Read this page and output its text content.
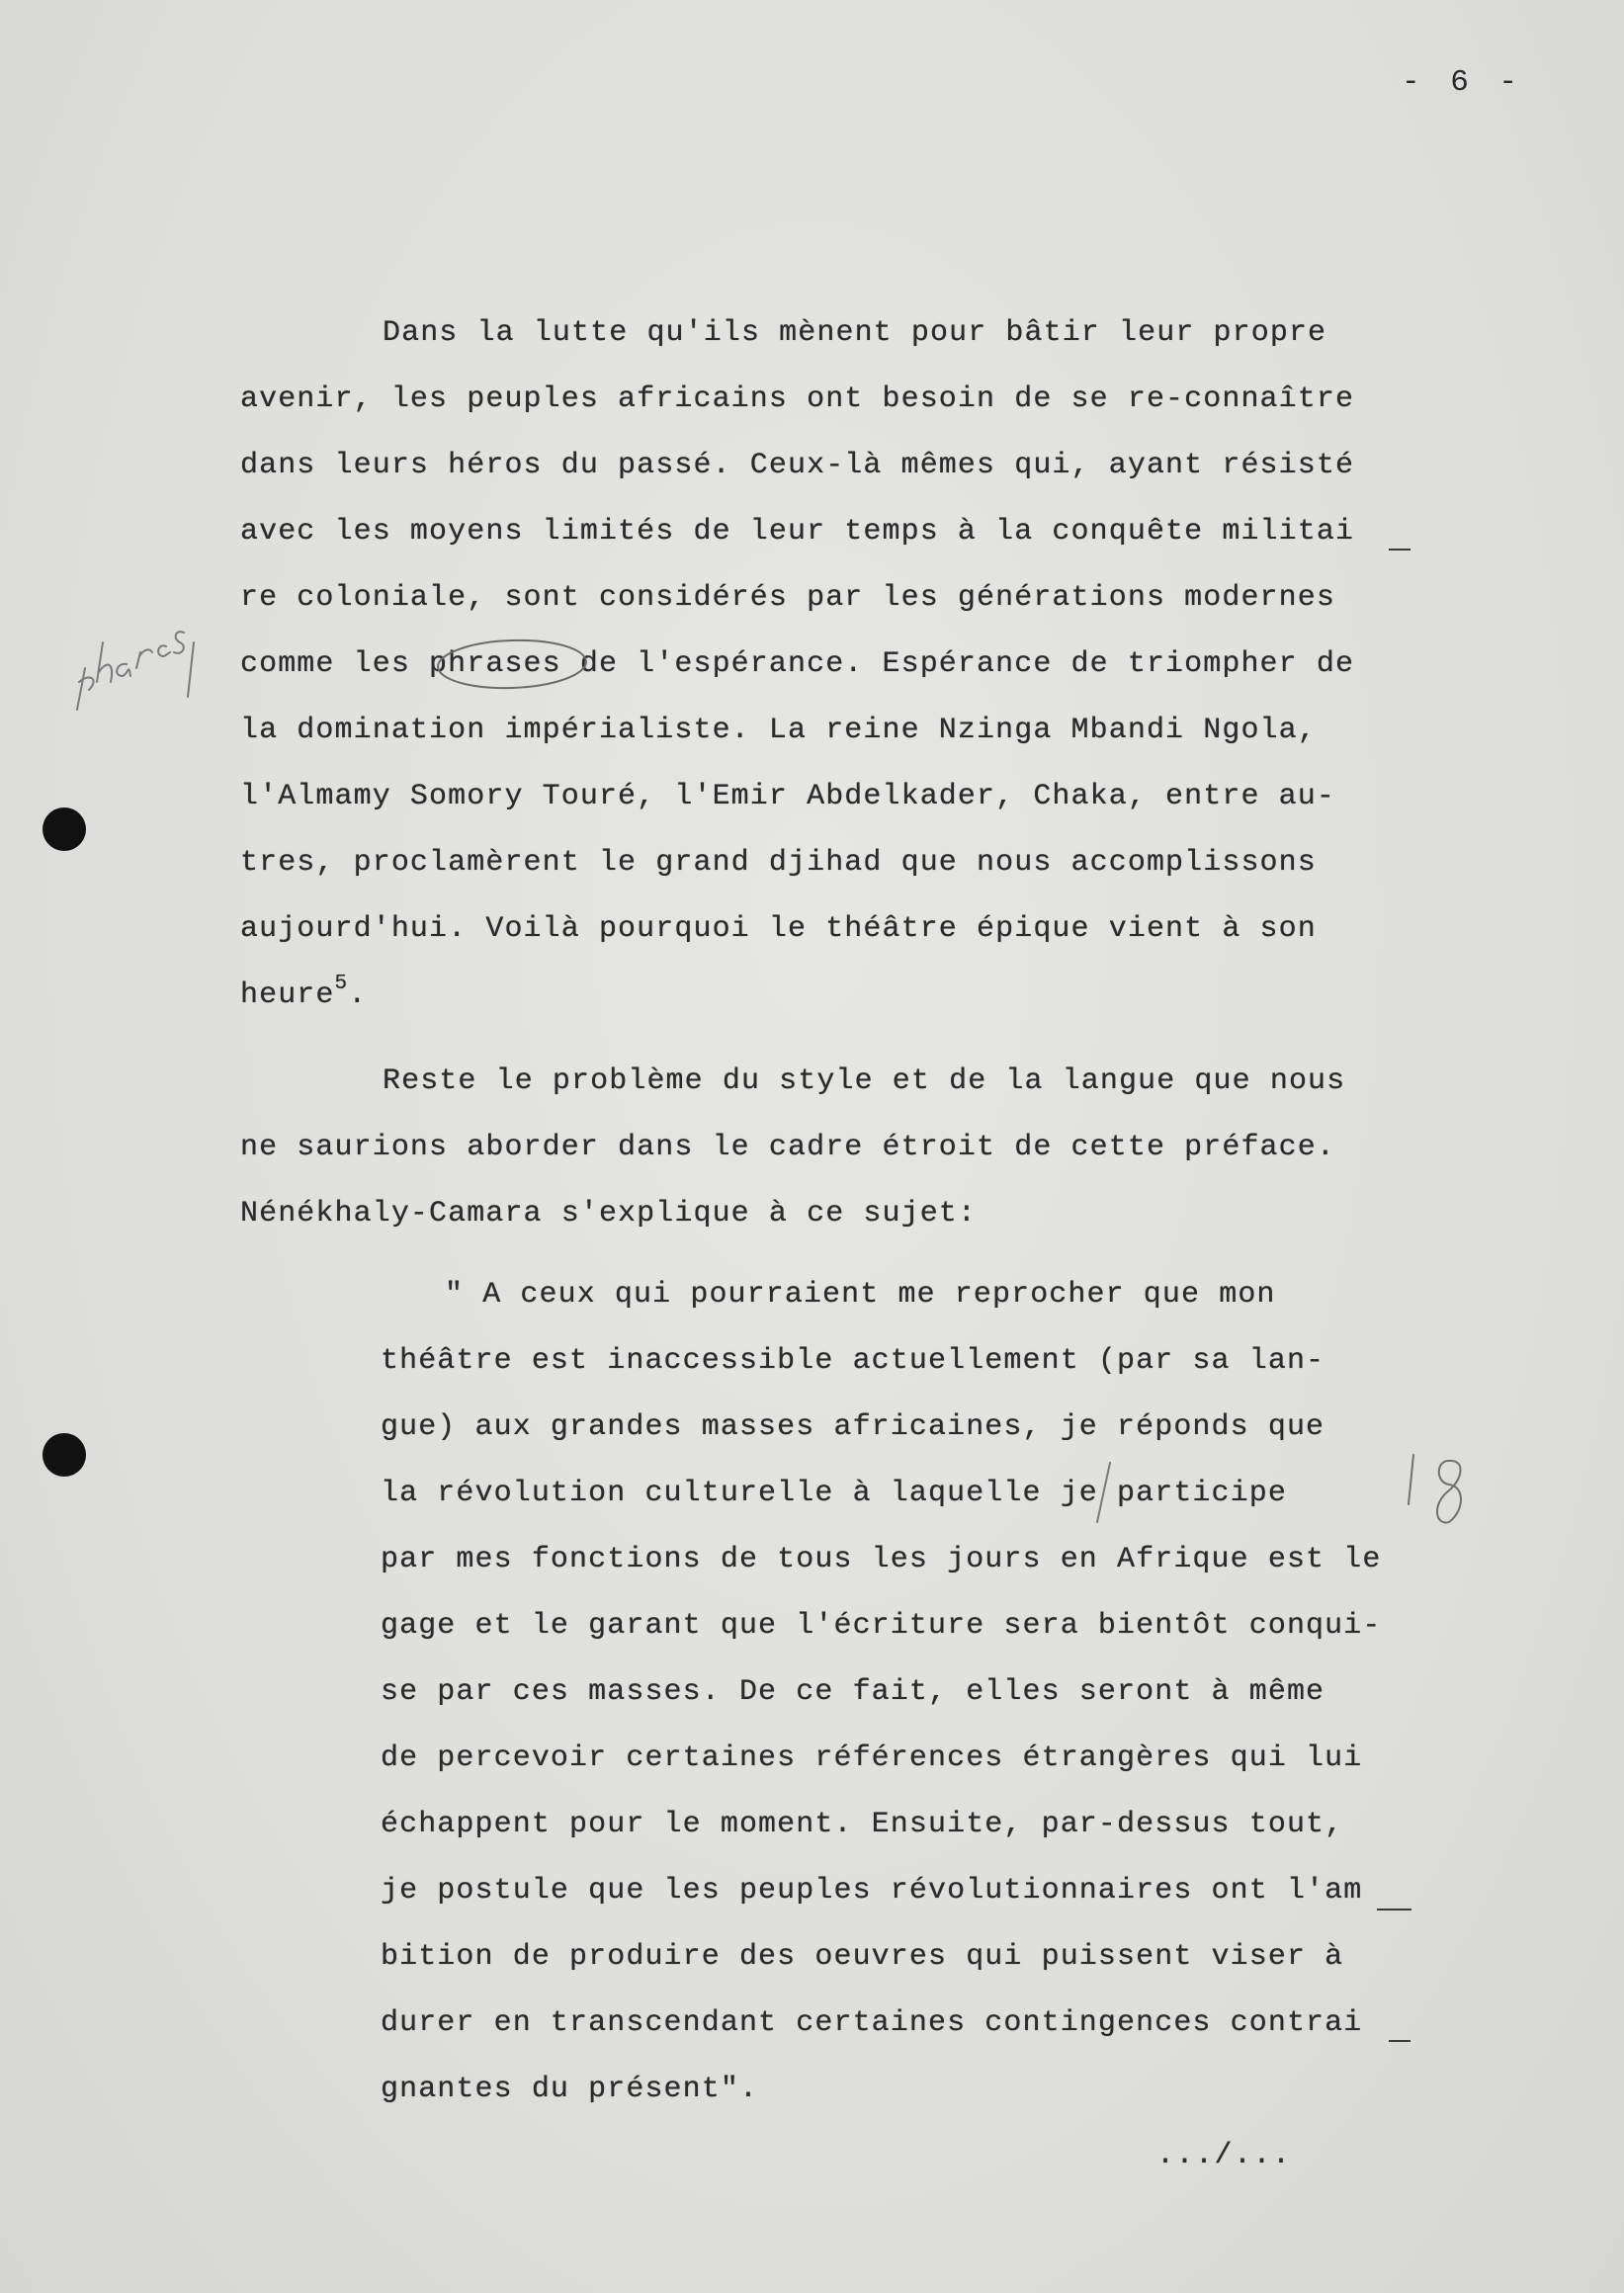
- 6 -
Dans la lutte qu'ils mènent pour bâtir leur propre
avenir, les peuples africains ont besoin de se re-connaître
dans leurs héros du passé. Ceux-là mêmes qui, ayant résisté
avec les moyens limités de leur temps à la conquête militai
re coloniale, sont considérés par les générations modernes
comme les phrases de l'espérance. Espérance de triompher de
la domination impérialiste. La reine Nzinga Mbandi Ngola,
l'Almamy Somory Touré, l'Emir Abdelkader, Chaka, entre au-
tres, proclamèrent le grand djihad que nous accomplissons
aujourd'hui. Voilà pourquoi le théâtre épique vient à son
heure$^5$.
Reste le problème du style et de la langue que nous
ne saurions aborder dans le cadre étroit de cette préface.
Nénékhaly-Camara s'explique à ce sujet:
" A ceux qui pourraient me reprocher que mon
théâtre est inaccessible actuellement (par sa lan-
gue) aux grandes masses africaines, je réponds que
la révolution culturelle à laquelle je participe
par mes fonctions de tous les jours en Afrique est le
gage et le garant que l'écriture sera bientôt conqui-
se par ces masses. De ce fait, elles seront à même
de percevoir certaines références étrangères qui lui
échappent pour le moment. Ensuite, par-dessus tout,
je postule que les peuples révolutionnaires ont l'am
bition de produire des oeuvres qui puissent viser à
durer en transcendant certaines contingences contrai
gnantes du présent".
.../...
